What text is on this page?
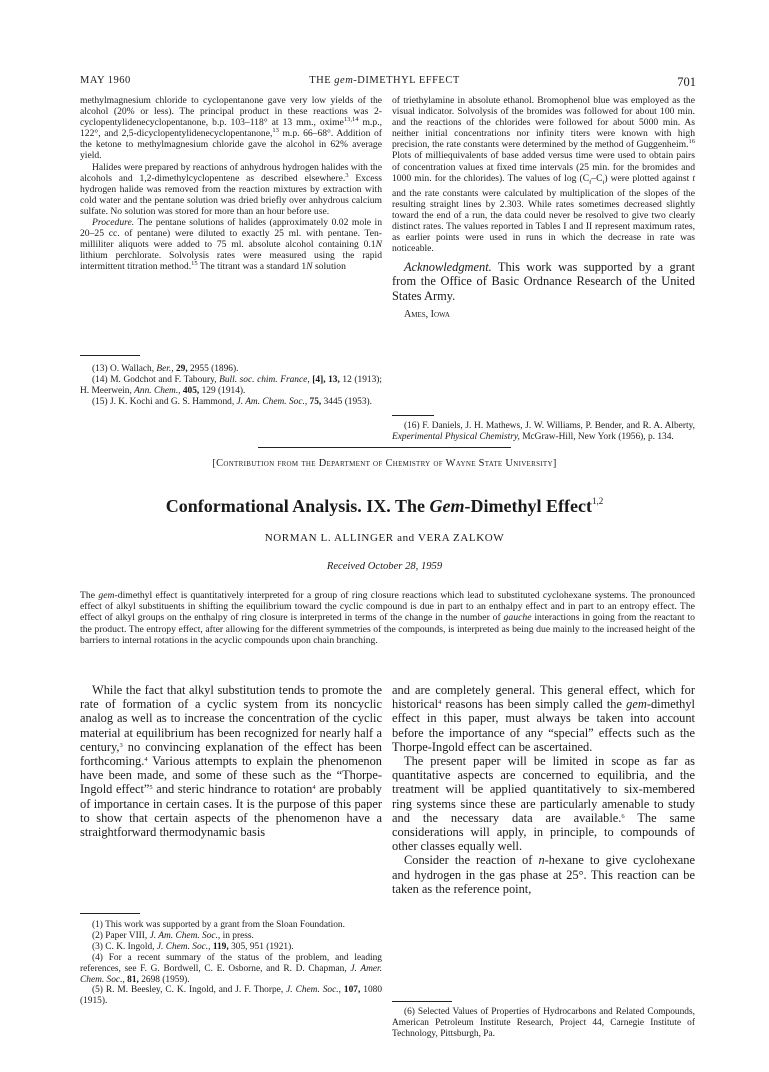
MAY 1960	THE gem-DIMETHYL EFFECT	701

methylmagnesium chloride to cyclopentanone gave very low yields of the alcohol (20% or less). The principal product in these reactions was 2-cyclopentylidenecyclopentanone, b.p. 103–118° at 13 mm., oxime$^{13,14}$ m.p., 122°, and 2,5-dicyclopentylidenecyclopentanone,$^{13}$ m.p. 66–68°. Addition of the ketone to methylmagnesium chloride gave the alcohol in 62% average yield.

Halides were prepared by reactions of anhydrous hydrogen halides with the alcohols and 1,2-dimethylcyclopentene as described elsewhere.$^3$ Excess hydrogen halide was removed from the reaction mixtures by extraction with cold water and the pentane solution was dried briefly over anhydrous calcium sulfate. No solution was stored for more than an hour before use.

Procedure. The pentane solutions of halides (approximately 0.02 mole in 20–25 cc. of pentane) were diluted to exactly 25 ml. with pentane. Ten-milliliter aliquots were added to 75 ml. absolute alcohol containing 0.1N lithium perchlorate. Solvolysis rates were measured using the rapid intermittent titration method.$^{15}$ The titrant was a standard 1N solution

(13) O. Wallach, Ber., 29, 2955 (1896).

(14) M. Godchot and F. Taboury, Bull. soc. chim. France, [4], 13, 12 (1913); H. Meerwein, Ann. Chem., 405, 129 (1914).

(15) J. K. Kochi and G. S. Hammond, J. Am. Chem. Soc., 75, 3445 (1953).

of triethylamine in absolute ethanol. Bromophenol blue was employed as the visual indicator. Solvolysis of the bromides was followed for about 100 min. and the reactions of the chlorides were followed for about 5000 min. As neither initial concentrations nor infinity titers were known with high precision, the rate constants were determined by the method of Guggenheim.$^{16}$ Plots of milliequivalents of base added versus time were used to obtain pairs of concentration values at fixed time intervals (25 min. for the bromides and 1000 min. for the chlorides). The values of $\log (C_f-C_i)$ were plotted against t and the rate constants were calculated by multiplication of the slopes of the resulting straight lines by 2.303. While rates sometimes decreased slightly toward the end of a run, the data could never be resolved to give two clearly distinct rates. The values reported in Tables I and II represent maximum rates, as earlier points were used in runs in which the decrease in rate was noticeable.

Acknowledgment. This work was supported by a grant from the Office of Basic Ordnance Research of the United States Army.

Ames, Iowa

(16) F. Daniels, J. H. Mathews, J. W. Williams, P. Bender, and R. A. Alberty, Experimental Physical Chemistry, McGraw-Hill, New York (1956), p. 134.

[Contribution from the Department of Chemistry of Wayne State University]
Conformational Analysis. IX. The Gem-Dimethyl Effect$^{1,2}$
NORMAN L. ALLINGER and VERA ZALKOW
Received October 28, 1959
The gem-dimethyl effect is quantitatively interpreted for a group of ring closure reactions which lead to substituted cyclohexane systems. The pronounced effect of alkyl substituents in shifting the equilibrium toward the cyclic compound is due in part to an enthalpy effect and in part to an entropy effect. The effect of alkyl groups on the enthalpy of ring closure is interpreted in terms of the change in the number of gauche interactions in going from the reactant to the product. The entropy effect, after allowing for the different symmetries of the compounds, is interpreted as being due mainly to the increased height of the barriers to internal rotations in the acyclic compounds upon chain branching.

While the fact that alkyl substitution tends to promote the rate of formation of a cyclic system from its noncyclic analog as well as to increase the concentration of the cyclic material at equilibrium has been recognized for nearly half a century,$^3$ no convincing explanation of the effect has been forthcoming.$^4$ Various attempts to explain the phenomenon have been made, and some of these such as the “Thorpe-Ingold effect”$^5$ and steric hindrance to rotation$^4$ are probably of importance in certain cases. It is the purpose of this paper to show that certain aspects of the phenomenon have a straightforward thermodynamic basis

(1) This work was supported by a grant from the Sloan Foundation.

(2) Paper VIII, J. Am. Chem. Soc., in press.

(3) C. K. Ingold, J. Chem. Soc., 119, 305, 951 (1921).

(4) For a recent summary of the status of the problem, and leading references, see F. G. Bordwell, C. E. Osborne, and R. D. Chapman, J. Amer. Chem. Soc., 81, 2698 (1959).

(5) R. M. Beesley, C. K. Ingold, and J. F. Thorpe, J. Chem. Soc., 107, 1080 (1915).

and are completely general. This general effect, which for historical$^4$ reasons has been simply called the gem-dimethyl effect in this paper, must always be taken into account before the importance of any “special” effects such as the Thorpe-Ingold effect can be ascertained.

The present paper will be limited in scope as far as quantitative aspects are concerned to equilibria, and the treatment will be applied quantitatively to six-membered ring systems since these are particularly amenable to study and the necessary data are available.$^6$ The same considerations will apply, in principle, to compounds of other classes equally well.

Consider the reaction of n-hexane to give cyclohexane and hydrogen in the gas phase at 25°. This reaction can be taken as the reference point,

(6) Selected Values of Properties of Hydrocarbons and Related Compounds, American Petroleum Institute Research, Project 44, Carnegie Institute of Technology, Pittsburgh, Pa.
